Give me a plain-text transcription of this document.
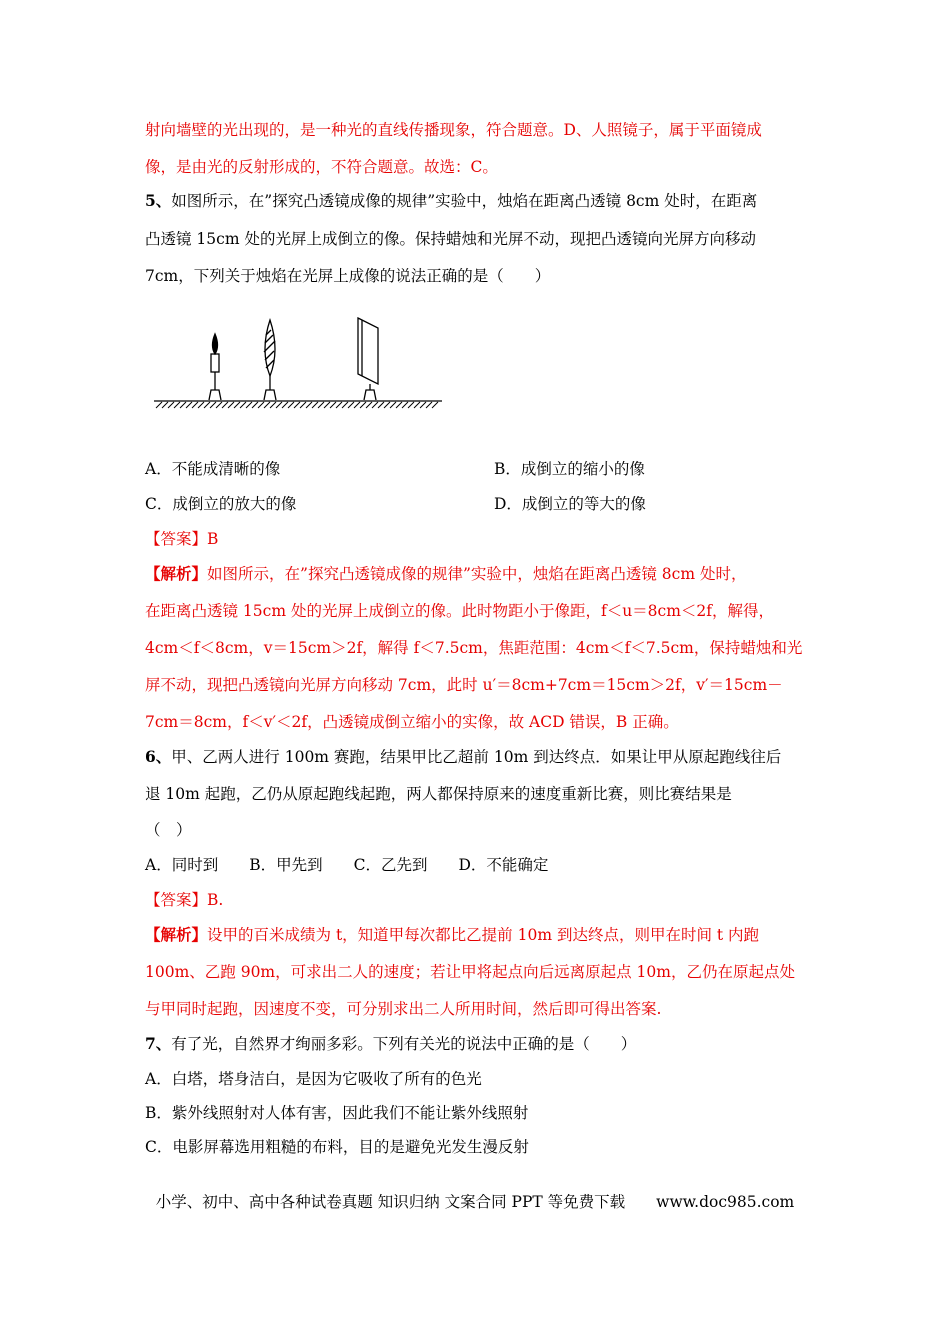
射向墙壁的光出现的，是一种光的直线传播现象，符合题意。D、人照镜子，属于平面镜成
像，是由光的反射形成的，不符合题意。故选：C。
5、如图所示，在”探究凸透镜成像的规律”实验中，烛焰在距离凸透镜 8cm 处时，在距离
凸透镜 15cm 处的光屏上成倒立的像。保持蜡烛和光屏不动，现把凸透镜向光屏方向移动
7cm，下列关于烛焰在光屏上成像的说法正确的是（　　）
A．不能成清晰的像	B．成倒立的缩小的像
C．成倒立的放大的像	D．成倒立的等大的像
【答案】B
【解析】如图所示，在”探究凸透镜成像的规律”实验中，烛焰在距离凸透镜 8cm 处时，
在距离凸透镜 15cm 处的光屏上成倒立的像。此时物距小于像距，f＜u＝8cm＜2f，解得，
4cm＜f＜8cm，v＝15cm＞2f，解得 f＜7.5cm，焦距范围：4cm＜f＜7.5cm，保持蜡烛和光
屏不动，现把凸透镜向光屏方向移动 7cm，此时 u′＝8cm+7cm＝15cm＞2f，v′＝15cm－
7cm＝8cm，f＜v′＜2f，凸透镜成倒立缩小的实像，故 ACD 错误，B 正确。
6、甲、乙两人进行 100m 赛跑，结果甲比乙超前 10m 到达终点．如果让甲从原起跑线往后
退 10m 起跑，乙仍从原起跑线起跑，两人都保持原来的速度重新比赛，则比赛结果是
（　）
A．同时到　　B．甲先到　　C．乙先到　　D．不能确定
【答案】B.
【解析】设甲的百米成绩为 t，知道甲每次都比乙提前 10m 到达终点，则甲在时间 t 内跑
100m、乙跑 90m，可求出二人的速度；若让甲将起点向后远离原起点 10m，乙仍在原起点处
与甲同时起跑，因速度不变，可分别求出二人所用时间，然后即可得出答案.
7、有了光，自然界才绚丽多彩。下列有关光的说法中正确的是（　　）
A．白塔，塔身洁白，是因为它吸收了所有的色光
B．紫外线照射对人体有害，因此我们不能让紫外线照射
C．电影屏幕选用粗糙的布料，目的是避免光发生漫反射
小学、初中、高中各种试卷真题 知识归纳 文案合同 PPT 等免费下载　　www.doc985.com
